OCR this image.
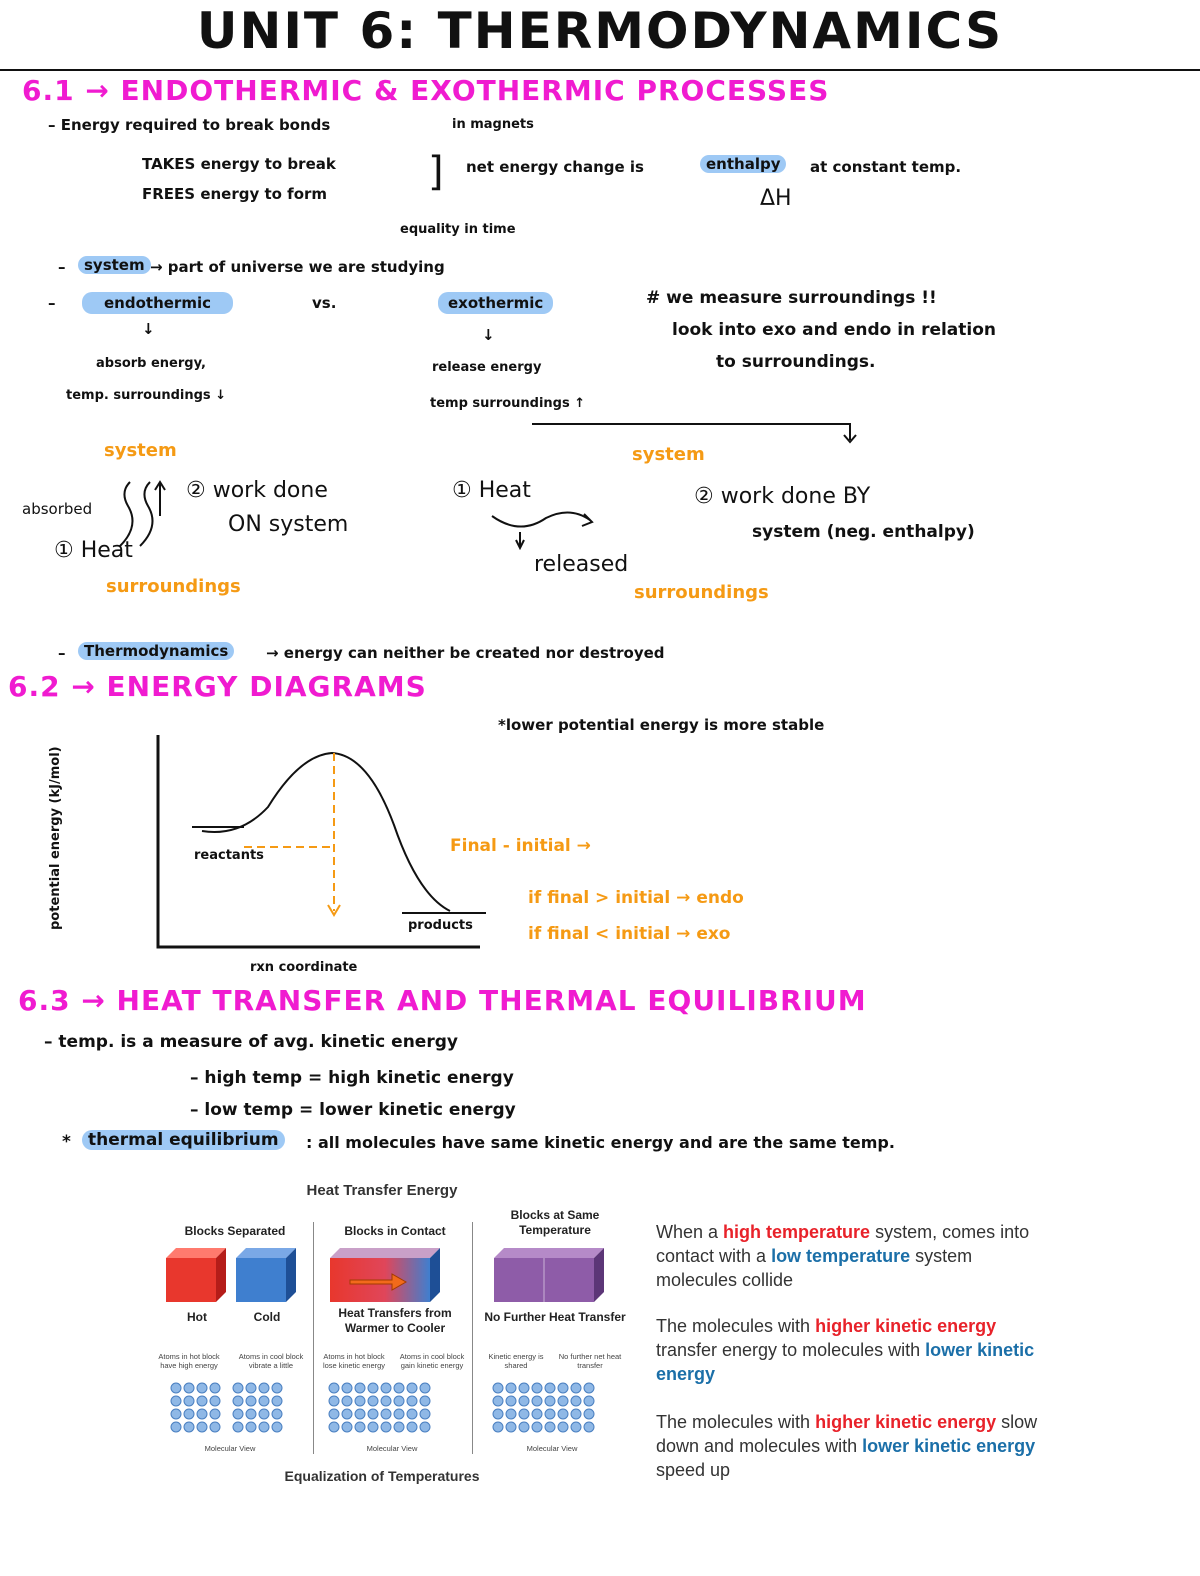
UNIT 6: THERMODYNAMICS
6.1 → ENDOTHERMIC & EXOTHERMIC PROCESSES
– Energy required to break bonds	in magnets
TAKES energy to break
FREES energy to form	] net energy change is	enthalpy	at constant temp.
ΔH
equality in time
–	system → part of universe we are studying
–	endothermic	vs.	exothermic	# we measure surroundings !!
look into exo and endo in relation
to surroundings.
↓	↓
absorb energy,
temp. surroundings ↓
release energy
temp surroundings ↑
system
absorbed
② work done
ON system
① Heat
surroundings
system
① Heat
released
② work done BY
system (neg. enthalpy)
surroundings
–	Thermodynamics	→ energy can neither be created nor destroyed
6.2 → ENERGY DIAGRAMS
*lower potential energy is more stable
potential energy (kJ/mol)	reactants
products
rxn coordinate
Final - initial →
if final > initial → endo
if final < initial → exo
6.3 → HEAT TRANSFER AND THERMAL EQUILIBRIUM
– temp. is a measure of avg. kinetic energy
– high temp = high kinetic energy
– low temp = lower kinetic energy
*	thermal equilibrium	: all molecules have same kinetic energy and are the same temp.
Heat Transfer Energy
Blocks Separated
Hot	Cold
Atoms in hot block have high energy
Atoms in cool block vibrate a little
Molecular View
Blocks in Contact
Heat Transfers from Warmer to Cooler
Atoms in hot block lose kinetic energy
Atoms in cool block gain kinetic energy
Molecular View
Blocks at Same Temperature
No Further Heat Transfer
Kinetic energy is shared
No further net heat transfer
Molecular View
Equalization of Temperatures
When a high temperature system, comes into contact with a low temperature system molecules collide
The molecules with higher kinetic energy transfer energy to molecules with lower kinetic energy
The molecules with higher kinetic energy slow down and molecules with lower kinetic energy speed up
